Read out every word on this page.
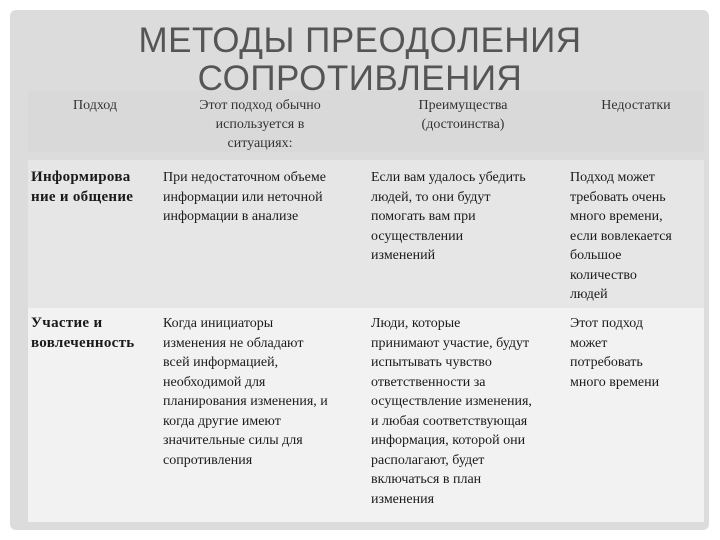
МЕТОДЫ ПРЕОДОЛЕНИЯ
СОПРОТИВЛЕНИЯ
Подход	Этот подход обычно
используется в
ситуациях:
Преимущества
(достоинства)
Недостатки
Информирова
ние и общение
При недостаточном объеме
информации или неточной
информации в анализе
Если вам удалось убедить
людей, то они будут
помогать вам при
осуществлении
изменений
Подход может
требовать очень
много времени,
если вовлекается
большое
количество
людей
Участие и
вовлеченность
Когда инициаторы
изменения не обладают
всей информацией,
необходимой для
планирования изменения, и
когда другие имеют
значительные силы для
сопротивления
Люди, которые
принимают участие, будут
испытывать чувство
ответственности за
осуществление изменения,
и любая соответствующая
информация, которой они
располагают, будет
включаться в план
изменения
Этот подход
может
потребовать
много времени
